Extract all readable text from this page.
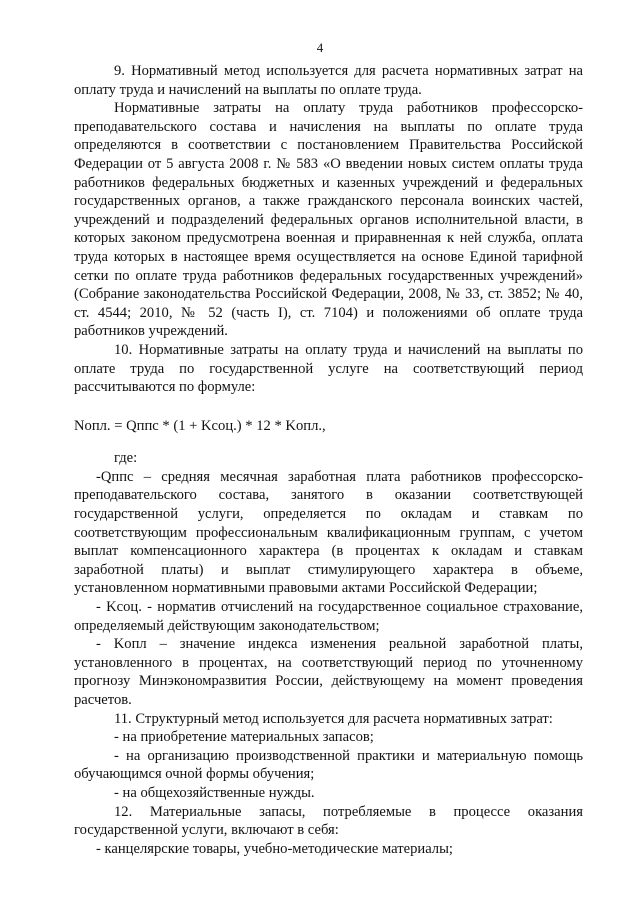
4

9. Нормативный метод используется для расчета нормативных затрат на оплату труда и начислений на выплаты по оплате труда.

Нормативные затраты на оплату труда работников профессорско-преподавательского состава и начисления на выплаты по оплате труда определяются в соответствии с постановлением Правительства Российской Федерации от 5 августа 2008 г. № 583 «О введении новых систем оплаты труда работников федеральных бюджетных и казенных учреждений и федеральных государственных органов, а также гражданского персонала воинских частей, учреждений и подразделений федеральных органов исполнительной власти, в которых законом предусмотрена военная и приравненная к ней служба, оплата труда которых в настоящее время осуществляется на основе Единой тарифной сетки по оплате труда работников федеральных государственных учреждений» (Собрание законодательства Российской Федерации, 2008, № 33, ст. 3852; № 40, ст. 4544; 2010, № 52 (часть I), ст. 7104) и положениями об оплате труда работников учреждений.

10. Нормативные затраты на оплату труда и начислений на выплаты по оплате труда по государственной услуге на соответствующий период рассчитываются по формуле:

Nопл. = Qппс * (1 + Kсоц.) * 12 * Kопл.,

где:

-Qппс – средняя месячная заработная плата работников профессорско-преподавательского состава, занятого в оказании соответствующей государственной услуги, определяется по окладам и ставкам по соответствующим профессиональным квалификационным группам, с учетом выплат компенсационного характера (в процентах к окладам и ставкам заработной платы) и выплат стимулирующего характера в объеме, установленном нормативными правовыми актами Российской Федерации;

- Kсоц. - норматив отчислений на государственное социальное страхование, определяемый действующим законодательством;

- Kопл – значение индекса изменения реальной заработной платы, установленного в процентах, на соответствующий период по уточненному прогнозу Минэкономразвития России, действующему на момент проведения расчетов.

11. Структурный метод используется для расчета нормативных затрат:

- на приобретение материальных запасов;

- на организацию производственной практики и материальную помощь обучающимся очной формы обучения;

- на общехозяйственные нужды.

12. Материальные запасы, потребляемые в процессе оказания государственной услуги, включают в себя:

- канцелярские товары, учебно-методические материалы;
